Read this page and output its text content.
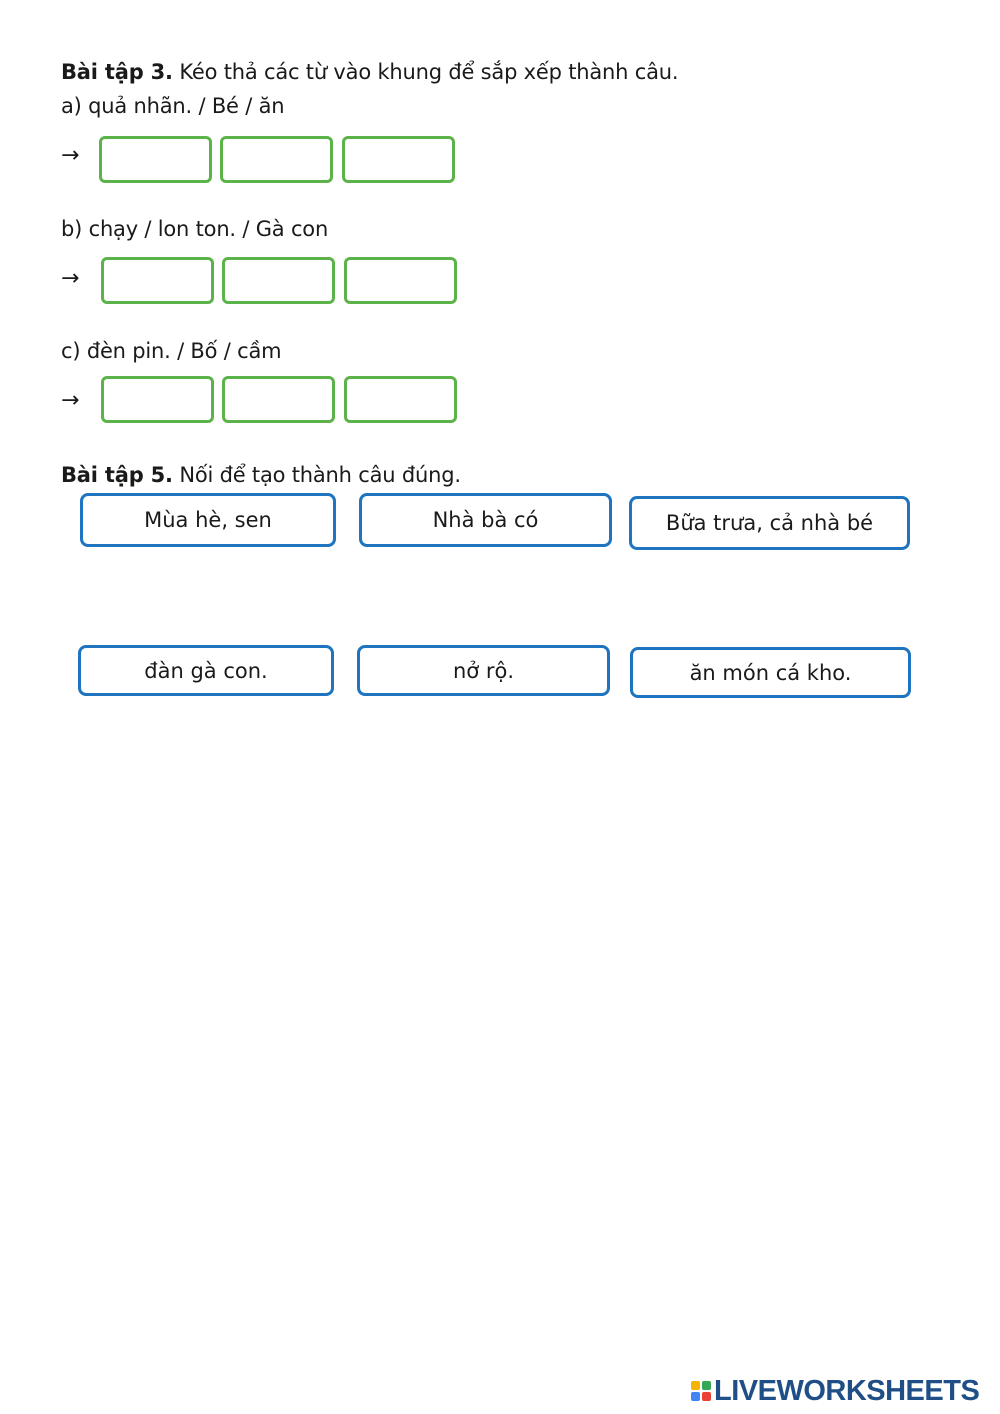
Bài tập 3. Kéo thả các từ vào khung để sắp xếp thành câu.
a) quả nhãn. / Bé / ăn
→
b) chạy / lon ton. / Gà con
→
c) đèn pin. / Bố / cầm
→
Bài tập 5. Nối để tạo thành câu đúng.
Mùa hè, sen	Nhà bà có	Bữa trưa, cả nhà bé
đàn gà con.	nở rộ.	ăn món cá kho.
LIVEWORKSHEETS
